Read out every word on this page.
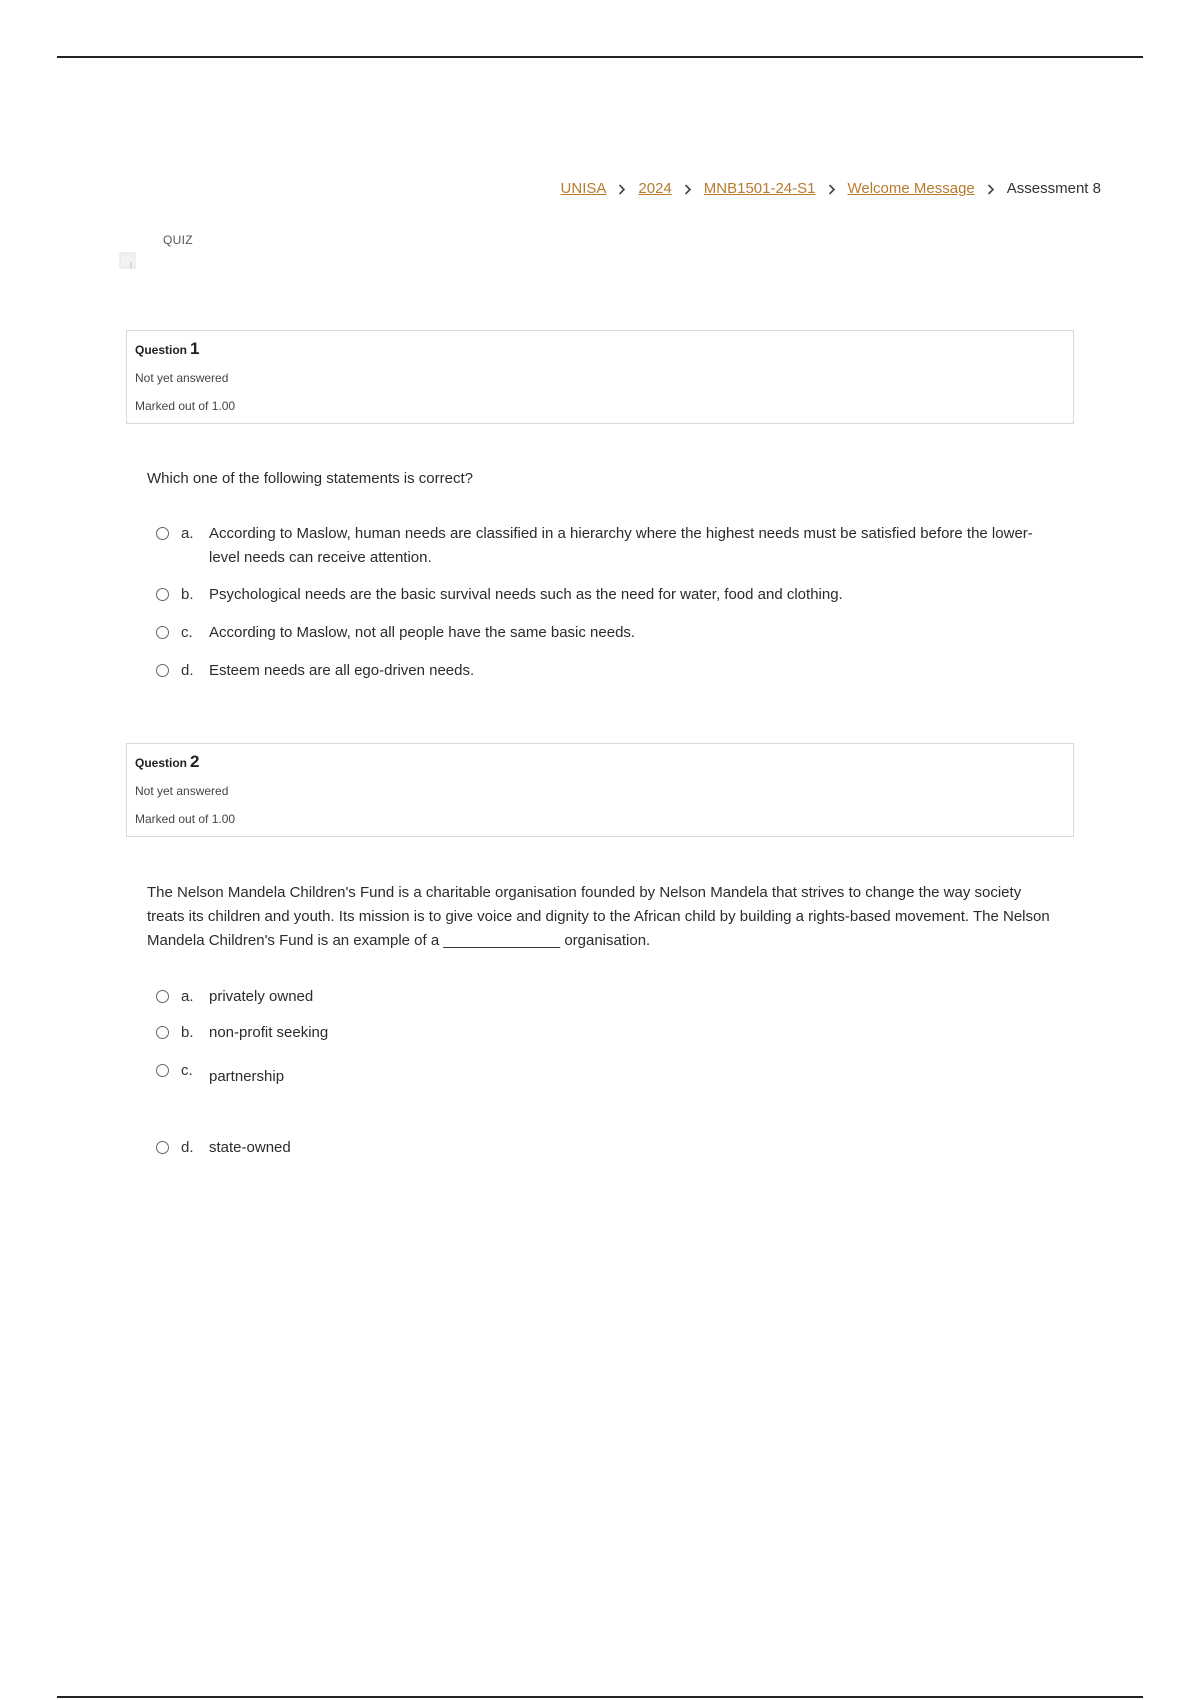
UNISA 2024 MNB1501-24-S1 Welcome Message Assessment 8
QUIZ
Question 1
Not yet answered
Marked out of 1.00
Which one of the following statements is correct?
a. According to Maslow, human needs are classified in a hierarchy where the highest needs must be satisfied before the lower-level needs can receive attention.
b. Psychological needs are the basic survival needs such as the need for water, food and clothing.
c. According to Maslow, not all people have the same basic needs.
d. Esteem needs are all ego-driven needs.
Question 2
Not yet answered
Marked out of 1.00
The Nelson Mandela Children's Fund is a charitable organisation founded by Nelson Mandela that strives to change the way society treats its children and youth. Its mission is to give voice and dignity to the African child by building a rights-based movement. The Nelson Mandela Children's Fund is an example of a ______________ organisation.
a. privately owned
b. non-profit seeking
c. partnership
d. state-owned
